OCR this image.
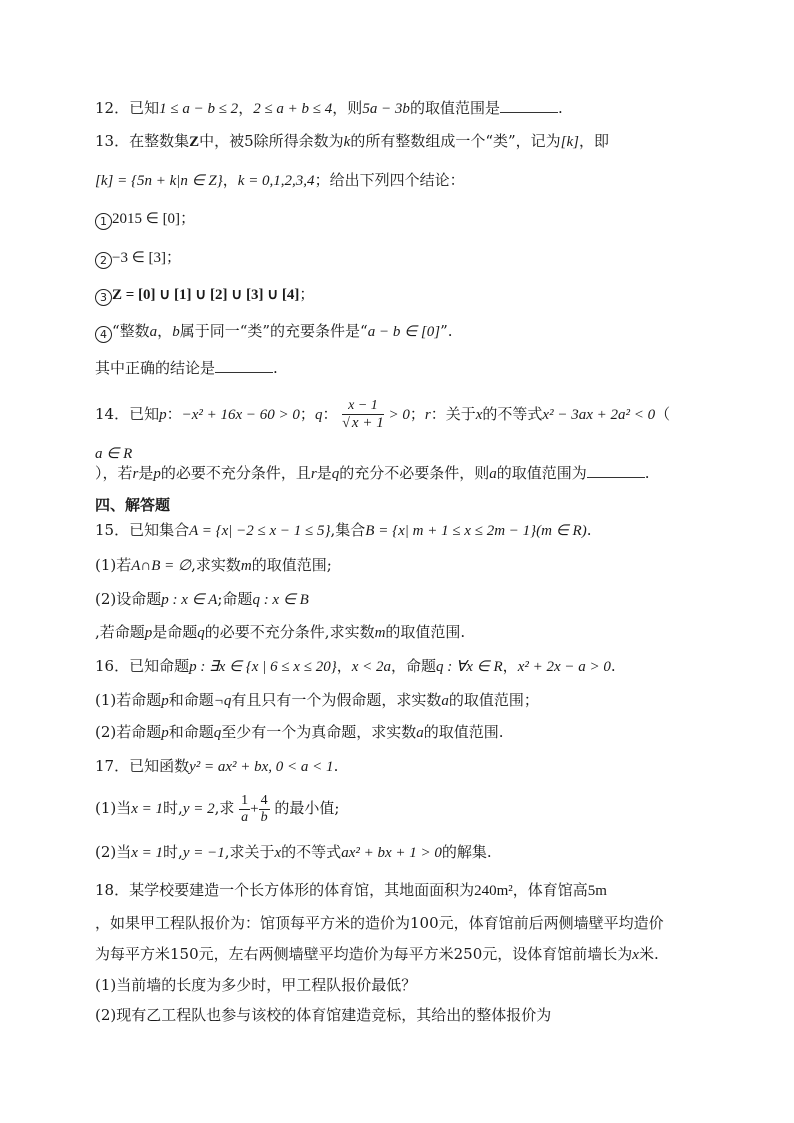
12．已知1 ≤ a − b ≤ 2，2 ≤ a + b ≤ 4，则5a − 3b的取值范围是	.
13．在整数集Z中，被5除所得余数为k的所有整数组成一个“类”，记为[k]，即
[k] = {5n + k|n ∈ Z}，k = 0,1,2,3,4；给出下列四个结论：
1 2015 ∈ [0]；
2 −3 ∈ [3]；
3 Z = [0] ∪ [1] ∪ [2] ∪ [3] ∪ [4]；
4 “整数a，b属于同一“类”的充要条件是“a − b ∈ [0]”.
其中正确的结论是	.
14．已知p：−x² + 16x − 60 > 0；q： $\frac{x - 1}{√ x + 1} > 0$；r：关于x的不等式x² − 3ax + 2a² < 0（
a ∈ R
），若r是p的必要不充分条件，且r是q的充分不必要条件，则a的取值范围为	.
四、解答题
15．已知集合A = {x| −2 ≤ x − 1 ≤ 5},集合B = {x| m + 1 ≤ x ≤ 2m − 1}(m ∈ R).
(1)若A∩B = ∅,求实数m的取值范围;
(2)设命题p : x ∈ A;命题q : x ∈ B
,若命题p是命题q的必要不充分条件,求实数m的取值范围.
16．已知命题p : ∃x ∈ {x | 6 ≤ x ≤ 20}，x < 2a，命题q : ∀x ∈ R，x² + 2x − a > 0.
(1)若命题p和命题¬q有且只有一个为假命题，求实数a的取值范围；
(2)若命题p和命题q至少有一个为真命题，求实数a的取值范围.
17．已知函数y² = ax² + bx, 0 < a < 1.
(1)当x = 1时,y = 2,求 $\frac{1}{a} + \frac{4}{b}$ 的最小值;
(2)当x = 1时,y = −1,求关于x的不等式ax² + bx + 1 > 0的解集.
18．某学校要建造一个长方体形的体育馆，其地面面积为240m²，体育馆高5m
，如果甲工程队报价为：馆顶每平方米的造价为100元，体育馆前后两侧墙壁平均造价
为每平方米150元，左右两侧墙壁平均造价为每平方米250元，设体育馆前墙长为x米.
(1)当前墙的长度为多少时，甲工程队报价最低？
(2)现有乙工程队也参与该校的体育馆建造竞标，其给出的整体报价为
